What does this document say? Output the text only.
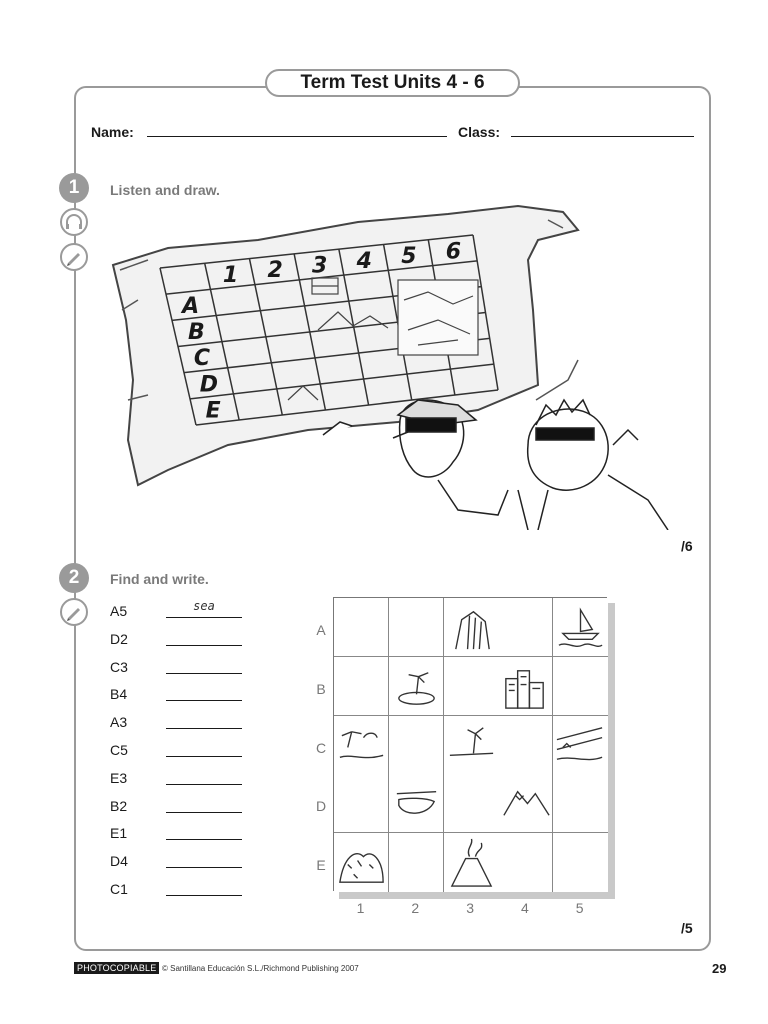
Term Test Units 4 - 6
Name:	Class:
1	Listen and draw.
1 2 3 4 5 6
A
B
C
D
E
/6
2	Find and write.
A5	sea
D2
C3
B4
A3
C5
E3
B2
E1
D4
C1
A
B
C
D
E
1	2	3	4	5
/5
PHOTOCOPIABLE © Santillana Educación S.L./Richmond Publishing 2007	29
